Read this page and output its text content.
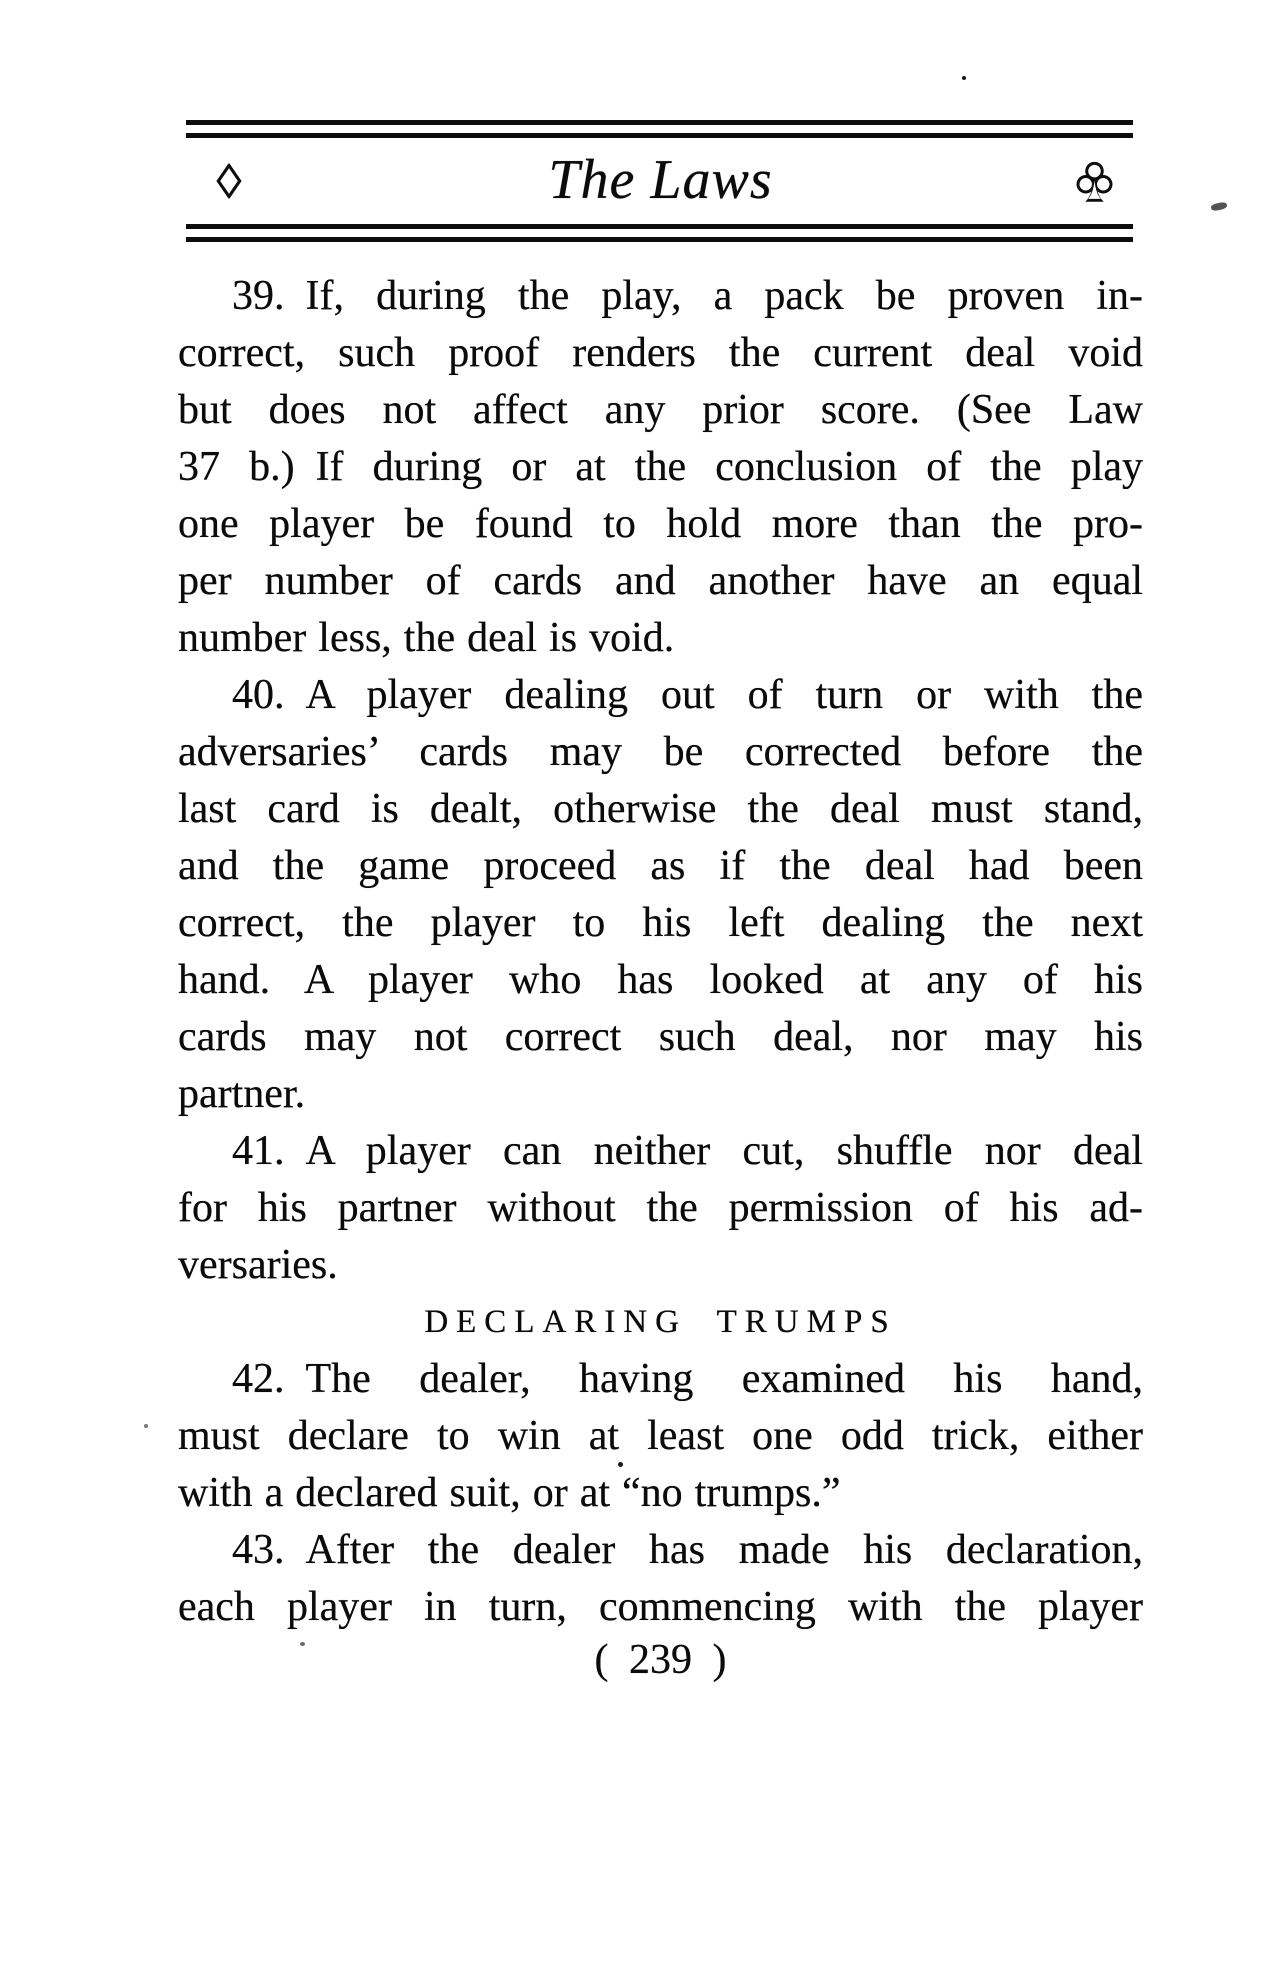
The Laws

39. If, during the play, a pack be proven in-

correct, such proof renders the current deal void

but does not affect any prior score. (See Law

37 b.) If during or at the conclusion of the play

one player be found to hold more than the pro-

per number of cards and another have an equal

number less, the deal is void.

40. A player dealing out of turn or with the

adversaries’ cards may be corrected before the

last card is dealt, otherwise the deal must stand,

and the game proceed as if the deal had been

correct, the player to his left dealing the next

hand. A player who has looked at any of his

cards may not correct such deal, nor may his

partner.

41. A player can neither cut, shuffle nor deal

for his partner without the permission of his ad-

versaries.

DECLARING TRUMPS

42. The dealer, having examined his hand,

must declare to win at least one odd trick, either

with a declared suit, or at “no trumps.”

43. After the dealer has made his declaration,

each player in turn, commencing with the player

( 239 )
